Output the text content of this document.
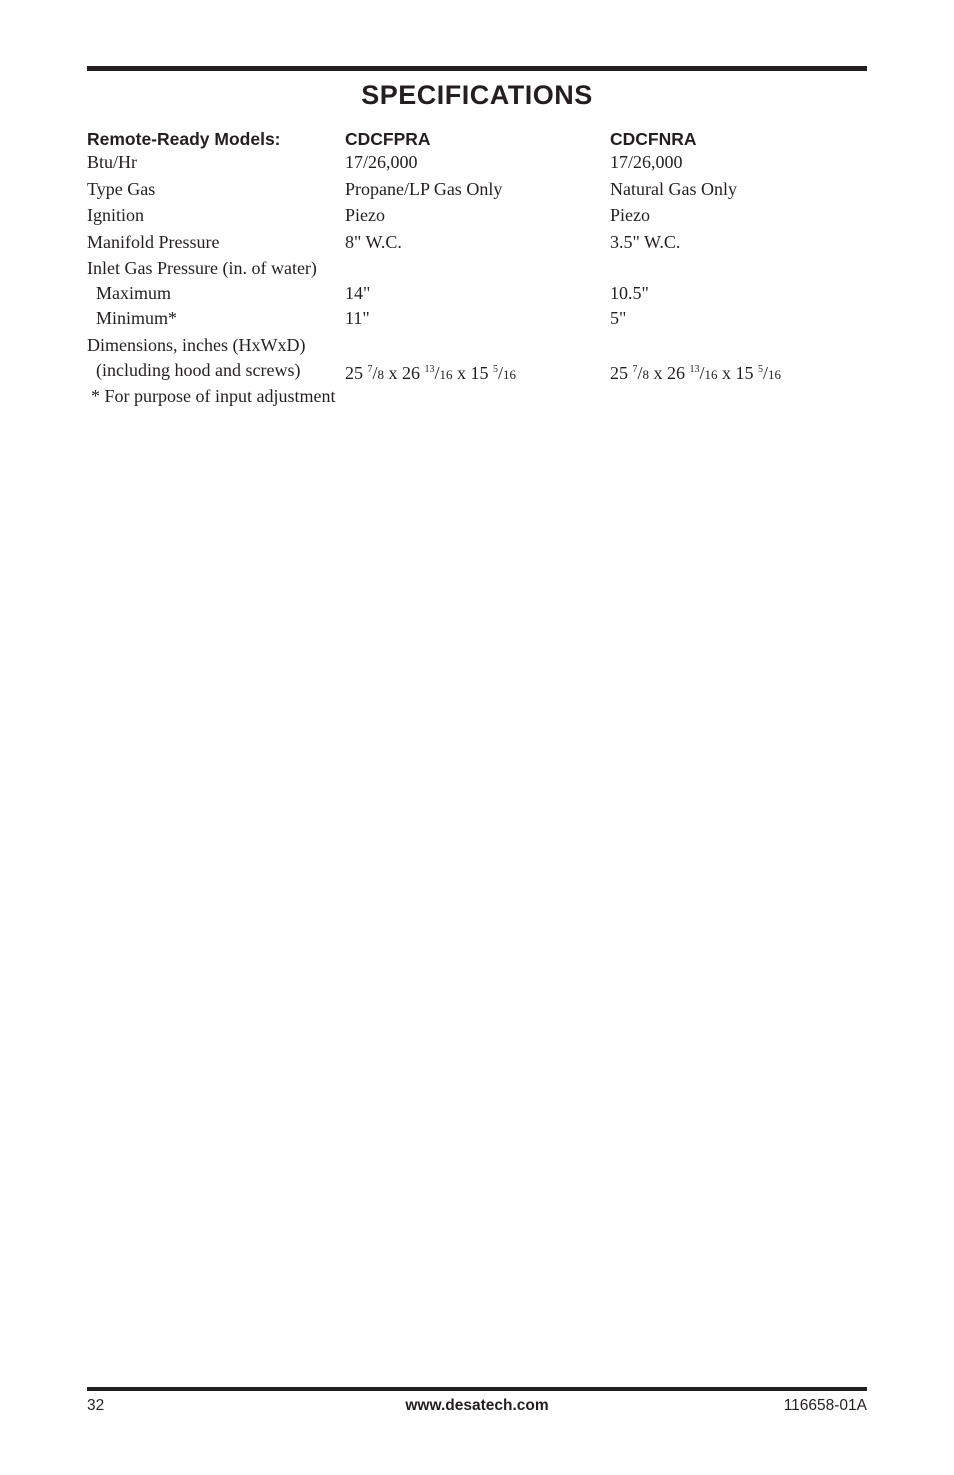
SPECIFICATIONS
Remote-Ready Models:	CDCFPRA	CDCFNRA
Btu/Hr	17/26,000	17/26,000
Type Gas	Propane/LP Gas Only	Natural Gas Only
Ignition	Piezo	Piezo
Manifold Pressure	8" W.C.	3.5" W.C.
Inlet Gas Pressure (in. of water)
Maximum	14"	10.5"
Minimum*	11"	5"
Dimensions, inches (HxWxD)
(including hood and screws) 25 $^7$/8 x 26 $^{13}$/16 x 15 $^5$/16	25 $^7$/8 x 26 $^{13}$/16 x 15 $^5$/16
* For purpose of input adjustment
32	www.desatech.com	116658-01A
